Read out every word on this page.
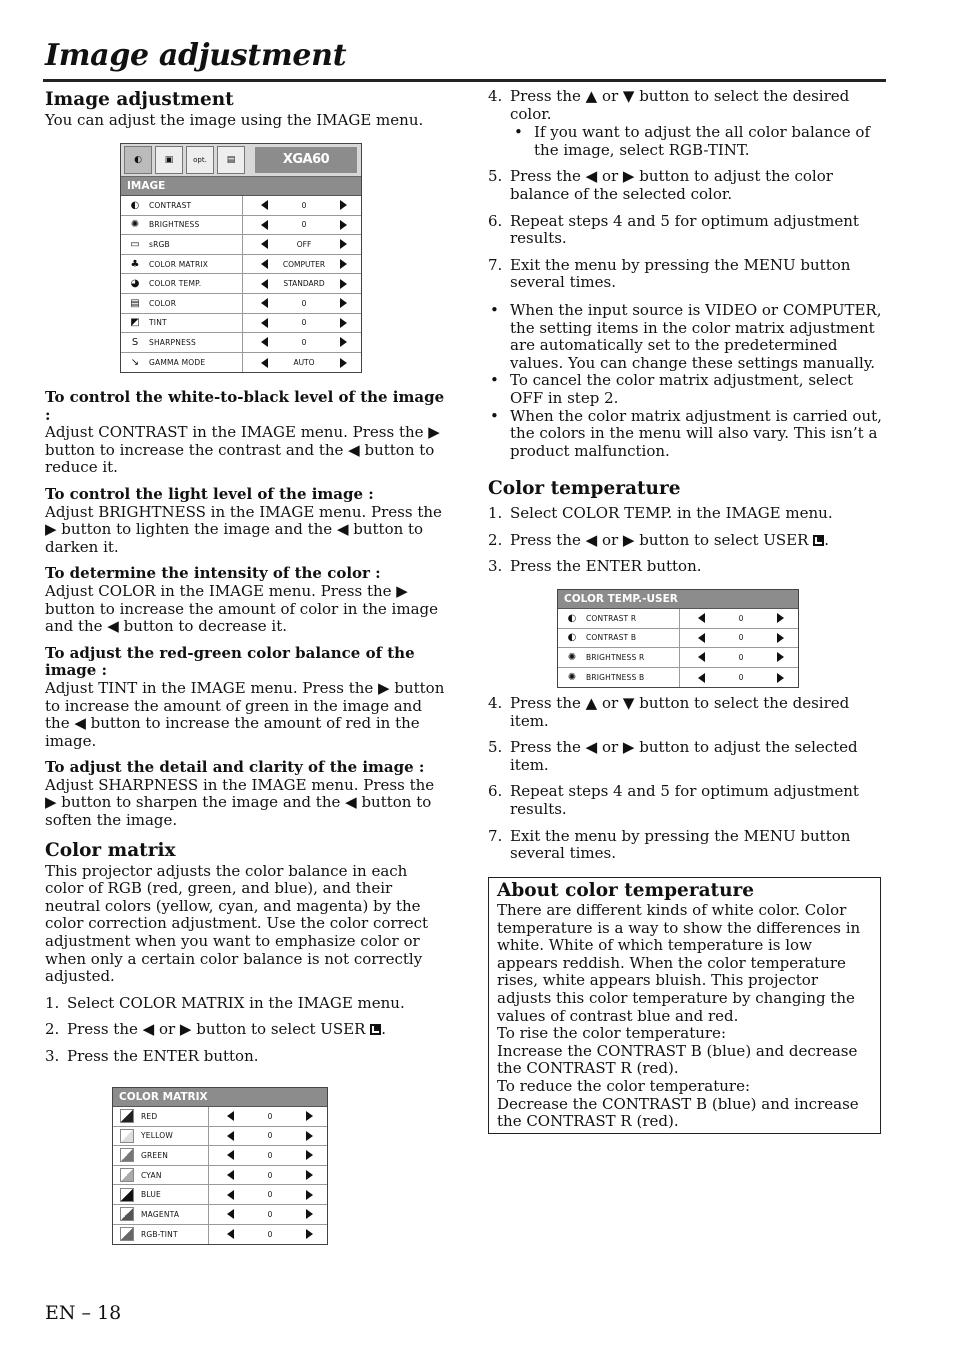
Image adjustment
Image adjustment

You can adjust the image using the IMAGE menu.

◐	▣	opt.	▤	XGA60
IMAGE
◐	CONTRAST	0
✺	BRIGHTNESS	0
▭	sRGB	OFF
♣	COLOR MATRIX	COMPUTER
◕	COLOR TEMP.	STANDARD
▤	COLOR	0
◩	TINT	0
S	SHARPNESS	0
↘	GAMMA MODE	AUTO

To control the white-to-black level of the image :

Adjust CONTRAST in the IMAGE menu. Press the ▶ button to increase the contrast and the ◀ button to reduce it.

To control the light level of the image :

Adjust BRIGHTNESS in the IMAGE menu. Press the ▶ button to lighten the image and the ◀ button to darken it.

To determine the intensity of the color :

Adjust COLOR in the IMAGE menu. Press the ▶ button to increase the amount of color in the image and the ◀ button to decrease it.

To adjust the red-green color balance of the image :

Adjust TINT in the IMAGE menu. Press the ▶ button to increase the amount of green in the image and the ◀ button to increase the amount of red in the image.

To adjust the detail and clarity of the image :

Adjust SHARPNESS in the IMAGE menu. Press the ▶ button to sharpen the image and the ◀ button to soften the image.

Color matrix

This projector adjusts the color balance in each color of RGB (red, green, and blue), and their neutral colors (yellow, cyan, and magenta) by the color correction adjustment. Use the color correct adjustment when you want to emphasize color or when only a certain color balance is not correctly adjusted.

1. Select COLOR MATRIX in the IMAGE menu.
2. Press the ◀ or ▶ button to select USER .
3. Press the ENTER button.
COLOR MATRIX
RED	0
YELLOW	0
GREEN	0
CYAN	0
BLUE	0
MAGENTA	0
RGB-TINT	0
EN – 18
4. Press the ▲ or ▼ button to select the desired color.
• If you want to adjust the all color balance of the image, select RGB-TINT.
5. Press the ◀ or ▶ button to adjust the color balance of the selected color.
6. Repeat steps 4 and 5 for optimum adjustment results.
7. Exit the menu by pressing the MENU button several times.
• When the input source is VIDEO or COMPUTER, the setting items in the color matrix adjustment are automatically set to the predetermined values. You can change these settings manually.
• To cancel the color matrix adjustment, select OFF in step 2.
• When the color matrix adjustment is carried out, the colors in the menu will also vary. This isn’t a product malfunction.
Color temperature
1. Select COLOR TEMP. in the IMAGE menu.
2. Press the ◀ or ▶ button to select USER .
3. Press the ENTER button.
COLOR TEMP.-USER
◐	CONTRAST R	0
◐	CONTRAST B	0
✺	BRIGHTNESS R	0
✺	BRIGHTNESS B	0
4. Press the ▲ or ▼ button to select the desired item.
5. Press the ◀ or ▶ button to adjust the selected item.
6. Repeat steps 4 and 5 for optimum adjustment results.
7. Exit the menu by pressing the MENU button several times.
About color temperature

There are different kinds of white color. Color temperature is a way to show the differences in white. White of which temperature is low appears reddish. When the color temperature rises, white appears bluish. This projector adjusts this color temperature by changing the values of contrast blue and red.

To rise the color temperature:

Increase the CONTRAST B (blue) and decrease the CONTRAST R (red).

To reduce the color temperature:

Decrease the CONTRAST B (blue) and increase the CONTRAST R (red).
